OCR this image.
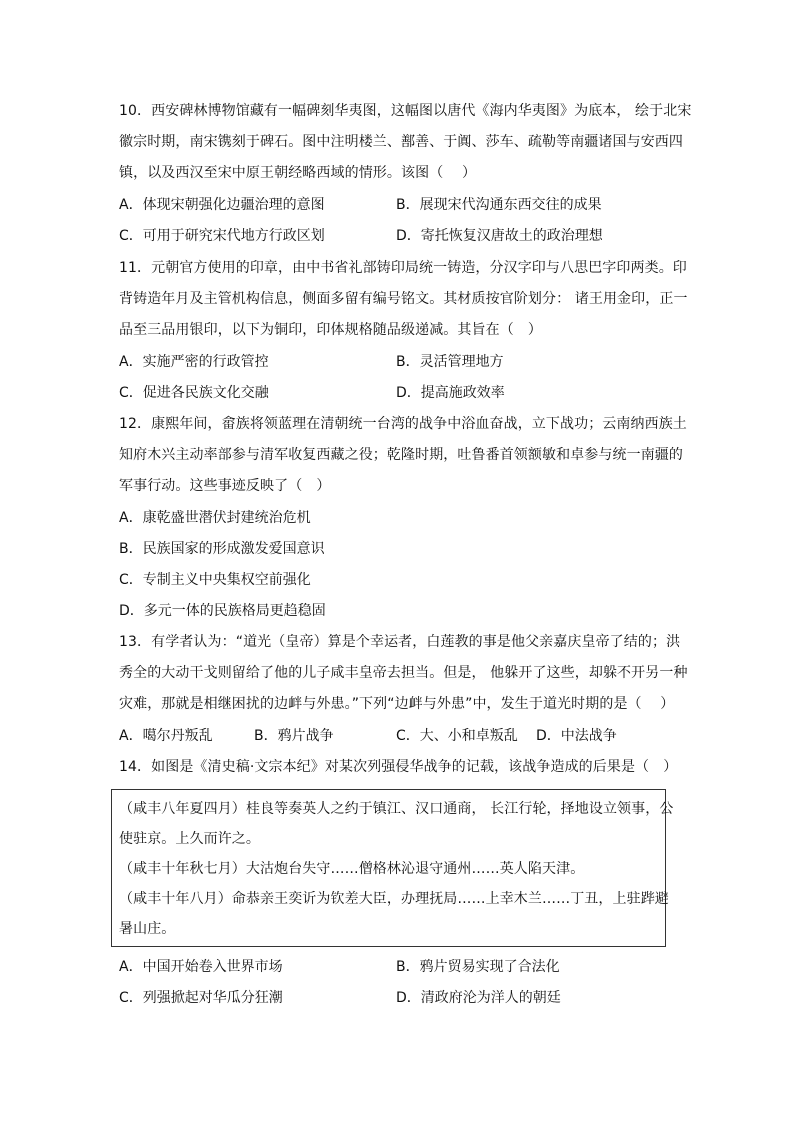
10．西安碑林博物馆藏有一幅碑刻华夷图，这幅图以唐代《海内华夷图》为底本， 绘于北宋
徽宗时期，南宋镌刻于碑石。图中注明楼兰、鄯善、于阗、莎车、疏勒等南疆诸国与安西四
镇，以及西汉至宋中原王朝经略西域的情形。该图（　 ）
A．体现宋朝强化边疆治理的意图	B．展现宋代沟通东西交往的成果
C．可用于研究宋代地方行政区划	D．寄托恢复汉唐故土的政治理想
11．元朝官方使用的印章，由中书省礼部铸印局统一铸造，分汉字印与八思巴字印两类。印
背铸造年月及主管机构信息，侧面多留有编号铭文。其材质按官阶划分： 诸王用金印，正一
品至三品用银印，以下为铜印，印体规格随品级递减。其旨在（　）
A．实施严密的行政管控	B．灵活管理地方
C．促进各民族文化交融	D．提高施政效率
12．康熙年间，畲族将领蓝理在清朝统一台湾的战争中浴血奋战，立下战功；云南纳西族土
知府木兴主动率部参与清军收复西藏之役；乾隆时期，吐鲁番首领额敏和卓参与统一南疆的
军事行动。这些事迹反映了（　）
A．康乾盛世潜伏封建统治危机
B．民族国家的形成激发爱国意识
C．专制主义中央集权空前强化
D．多元一体的民族格局更趋稳固
13．有学者认为：“道光（皇帝）算是个幸运者，白莲教的事是他父亲嘉庆皇帝了结的；洪
秀全的大动干戈则留给了他的儿子咸丰皇帝去担当。但是， 他躲开了这些，却躲不开另一种
灾难，那就是相继困扰的边衅与外患。”下列“边衅与外患”中，发生于道光时期的是（　 ）
A．噶尔丹叛乱	B．鸦片战争	C．大、小和卓叛乱 D．中法战争
14．如图是《清史稿·文宗本纪》对某次列强侵华战争的记载，该战争造成的后果是（　）
（咸丰八年夏四月）桂良等奏英人之约于镇江、汉口通商， 长江行轮，择地设立领事，公
使驻京。上久而许之。
（咸丰十年秋七月）大沽炮台失守……僧格林沁退守通州……英人陷天津。
（咸丰十年八月）命恭亲王奕䜣为钦差大臣，办理抚局……上幸木兰……丁丑，上驻跸避
暑山庄。
A．中国开始卷入世界市场	B．鸦片贸易实现了合法化
C．列强掀起对华瓜分狂潮	D．清政府沦为洋人的朝廷
